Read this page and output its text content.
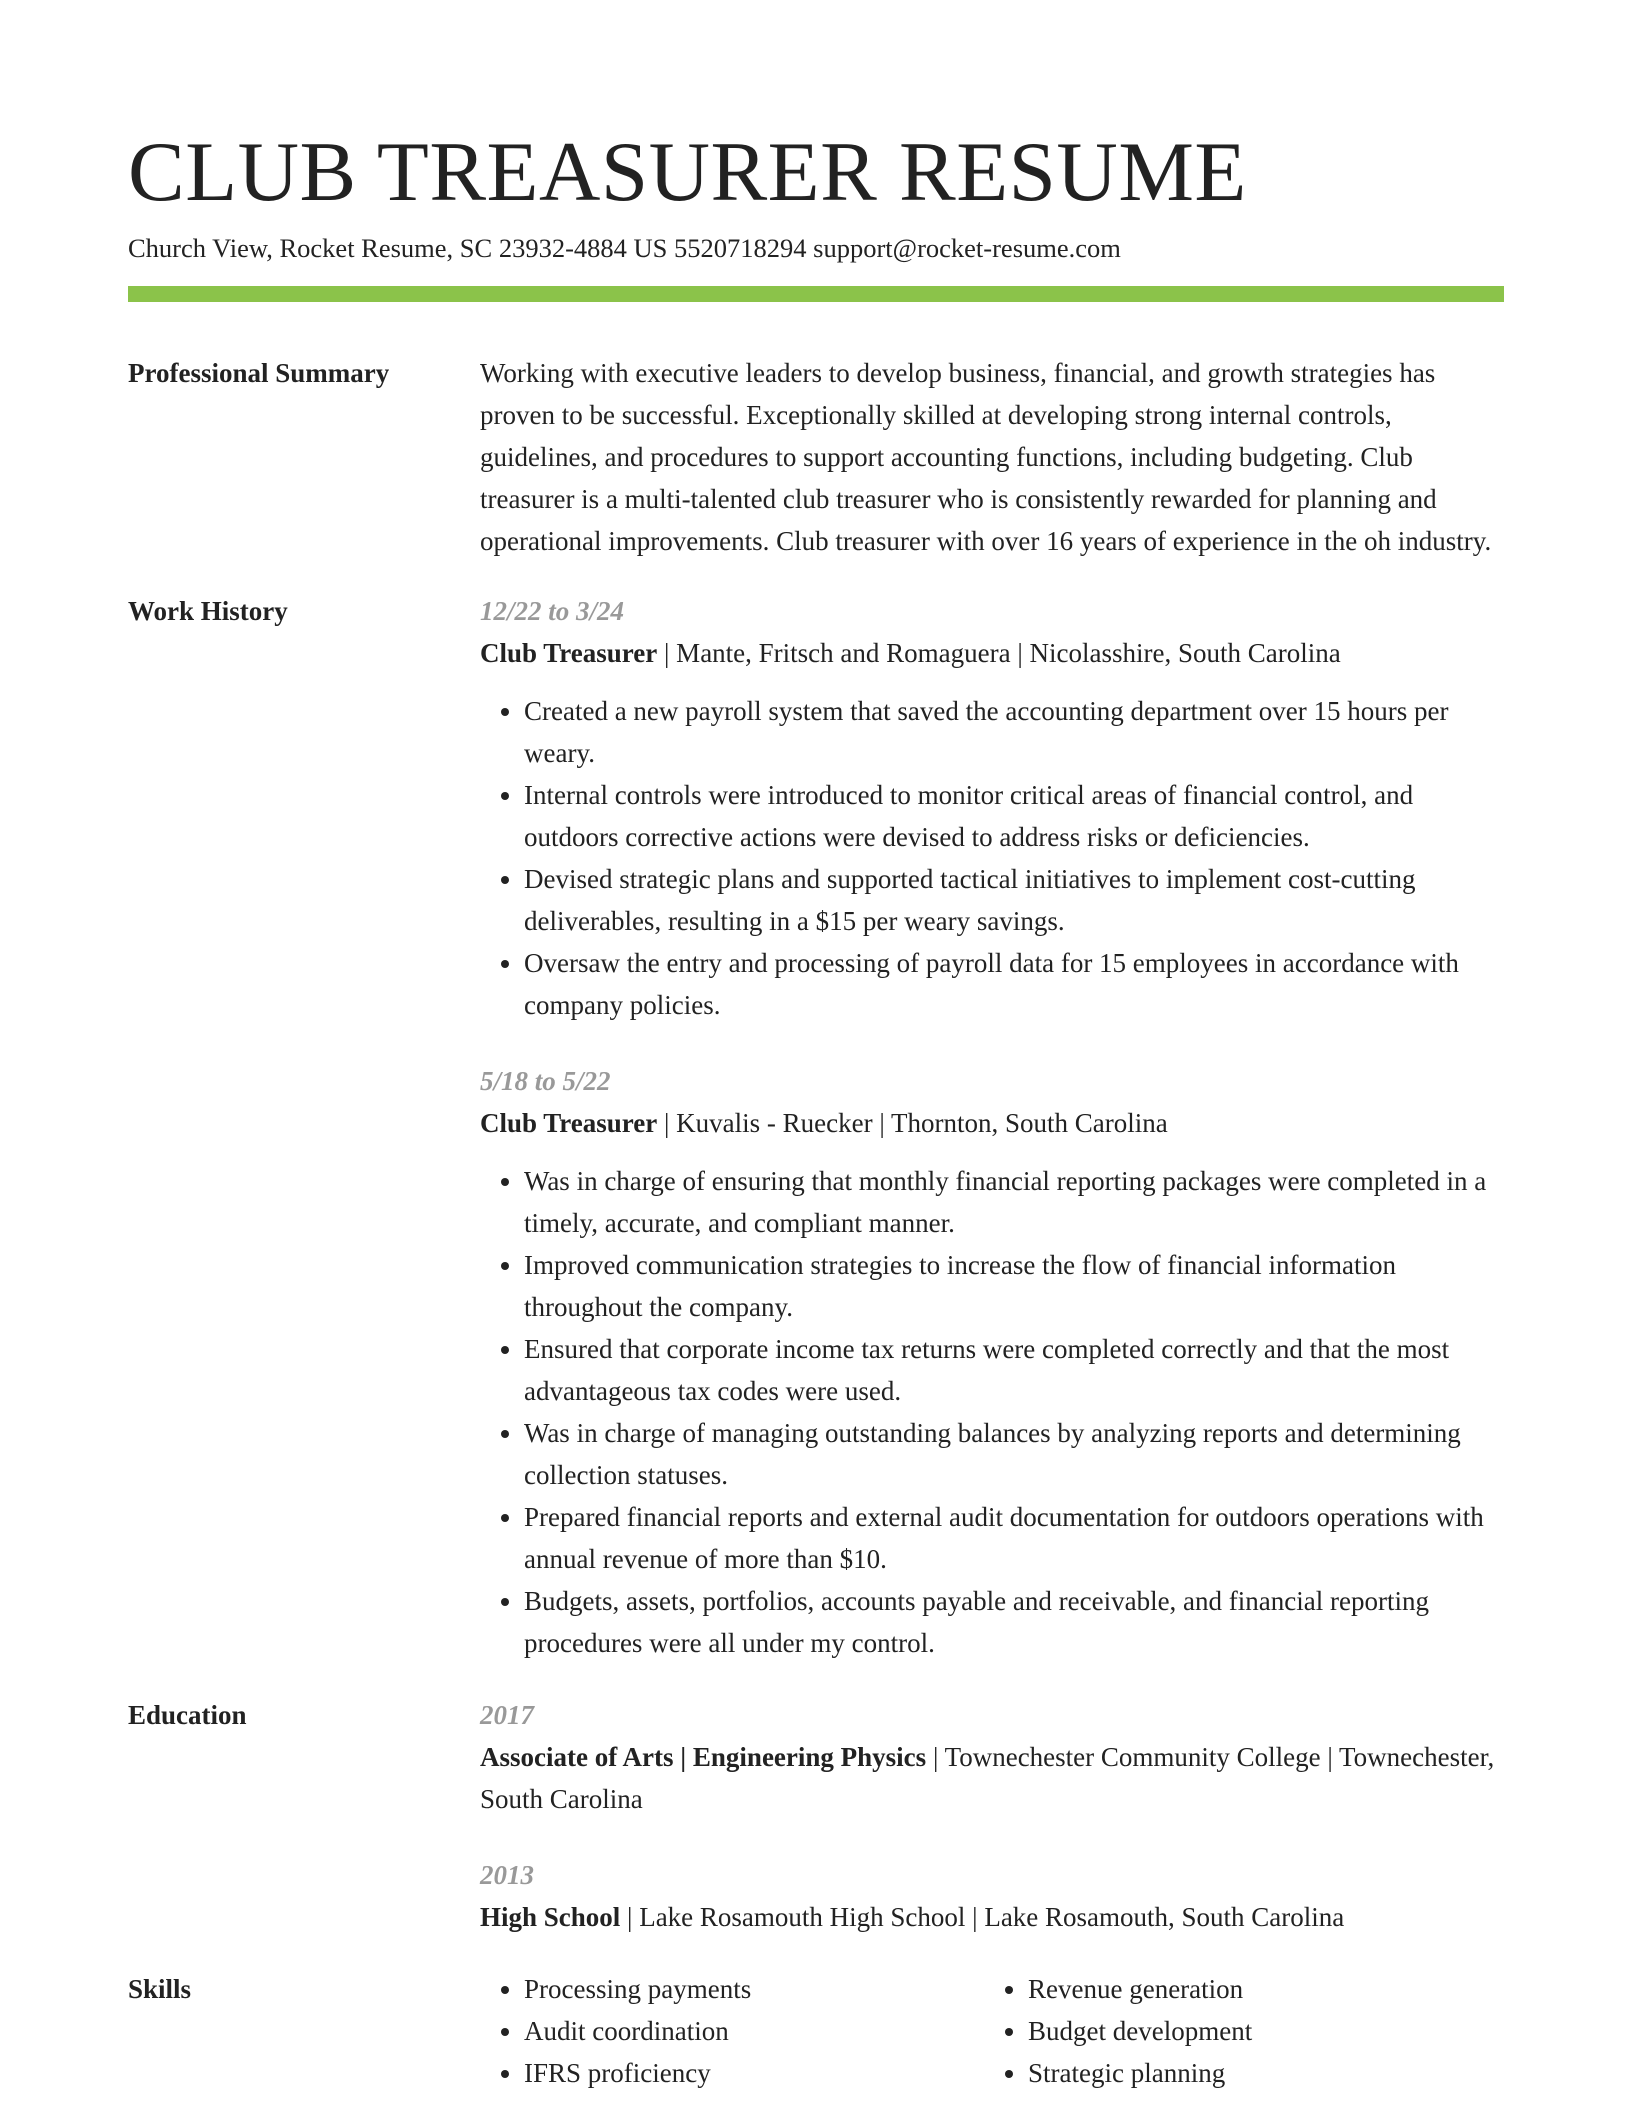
CLUB TREASURER RESUME
Church View, Rocket Resume, SC 23932-4884 US 5520718294 support@rocket-resume.com
Professional Summary	Working with executive leaders to develop business, financial, and growth strategies has proven to be successful. Exceptionally skilled at developing strong internal controls, guidelines, and procedures to support accounting functions, including budgeting. Club treasurer is a multi-talented club treasurer who is consistently rewarded for planning and operational improvements. Club treasurer with over 16 years of experience in the oh industry.

Work History	12/22 to 3/24
Club Treasurer | Mante, Fritsch and Romaguera | Nicolasshire, South Carolina
• Created a new payroll system that saved the accounting department over 15 hours per weary.
• Internal controls were introduced to monitor critical areas of financial control, and outdoors corrective actions were devised to address risks or deficiencies.
• Devised strategic plans and supported tactical initiatives to implement cost-cutting deliverables, resulting in a $15 per weary savings.
• Oversaw the entry and processing of payroll data for 15 employees in accordance with company policies.
5/18 to 5/22
Club Treasurer | Kuvalis - Ruecker | Thornton, South Carolina
• Was in charge of ensuring that monthly financial reporting packages were completed in a timely, accurate, and compliant manner.
• Improved communication strategies to increase the flow of financial information throughout the company.
• Ensured that corporate income tax returns were completed correctly and that the most advantageous tax codes were used.
• Was in charge of managing outstanding balances by analyzing reports and determining collection statuses.
• Prepared financial reports and external audit documentation for outdoors operations with annual revenue of more than $10.
• Budgets, assets, portfolios, accounts payable and receivable, and financial reporting procedures were all under my control.
Education	2017
Associate of Arts | Engineering Physics | Townechester Community College | Townechester, South Carolina
2013
High School | Lake Rosamouth High School | Lake Rosamouth, South Carolina
Skills
•	Processing payments
• Audit coordination
• IFRS proficiency
• Revenue generation
• Budget development
• Strategic planning
